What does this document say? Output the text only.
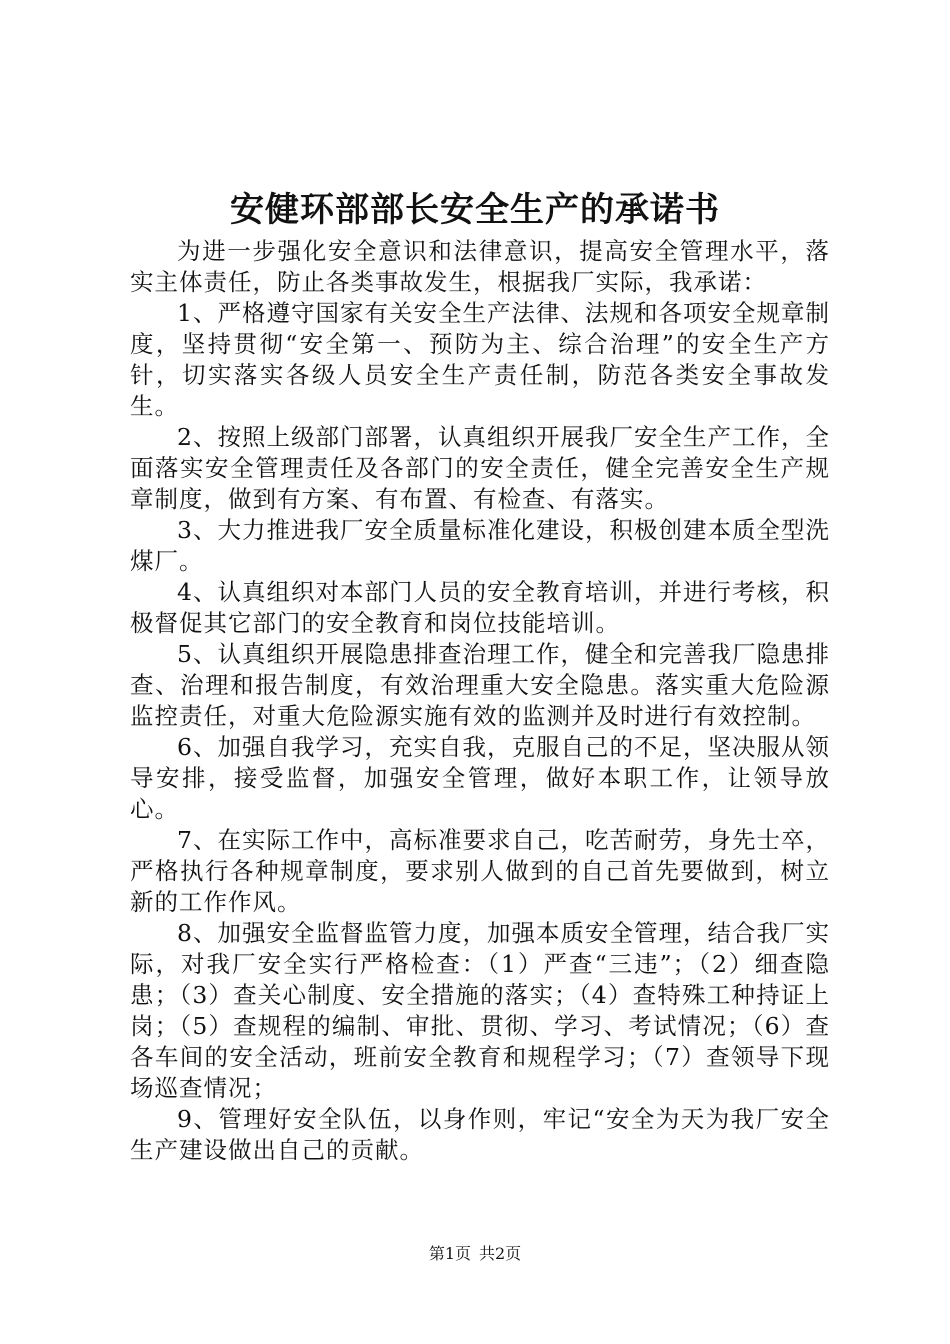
安健环部部长安全生产的承诺书

为进一步强化安全意识和法律意识，提高安全管理水平，落实主体责任，防止各类事故发生，根据我厂实际，我承诺：

1、严格遵守国家有关安全生产法律、法规和各项安全规章制度，坚持贯彻“安全第一、预防为主、综合治理”的安全生产方针，切实落实各级人员安全生产责任制，防范各类安全事故发生。

2、按照上级部门部署，认真组织开展我厂安全生产工作，全面落实安全管理责任及各部门的安全责任，健全完善安全生产规章制度，做到有方案、有布置、有检查、有落实。

3、大力推进我厂安全质量标准化建设，积极创建本质全型洗煤厂。

4、认真组织对本部门人员的安全教育培训，并进行考核，积极督促其它部门的安全教育和岗位技能培训。

5、认真组织开展隐患排查治理工作，健全和完善我厂隐患排查、治理和报告制度，有效治理重大安全隐患。落实重大危险源监控责任，对重大危险源实施有效的监测并及时进行有效控制。

6、加强自我学习，充实自我，克服自己的不足，坚决服从领导安排，接受监督，加强安全管理，做好本职工作，让领导放心。

7、在实际工作中，高标准要求自己，吃苦耐劳，身先士卒，严格执行各种规章制度，要求别人做到的自己首先要做到，树立新的工作作风。

8、加强安全监督监管力度，加强本质安全管理，结合我厂实际，对我厂安全实行严格检查：（1）严查“三违”；（2）细查隐患；（3）查关心制度、安全措施的落实；（4）查特殊工种持证上岗；（5）查规程的编制、审批、贯彻、学习、考试情况；（6）查各车间的安全活动，班前安全教育和规程学习；（7）查领导下现场巡查情况；

9、管理好安全队伍，以身作则，牢记“安全为天为我厂安全生产建设做出自己的贡献。

第1页 共2页
